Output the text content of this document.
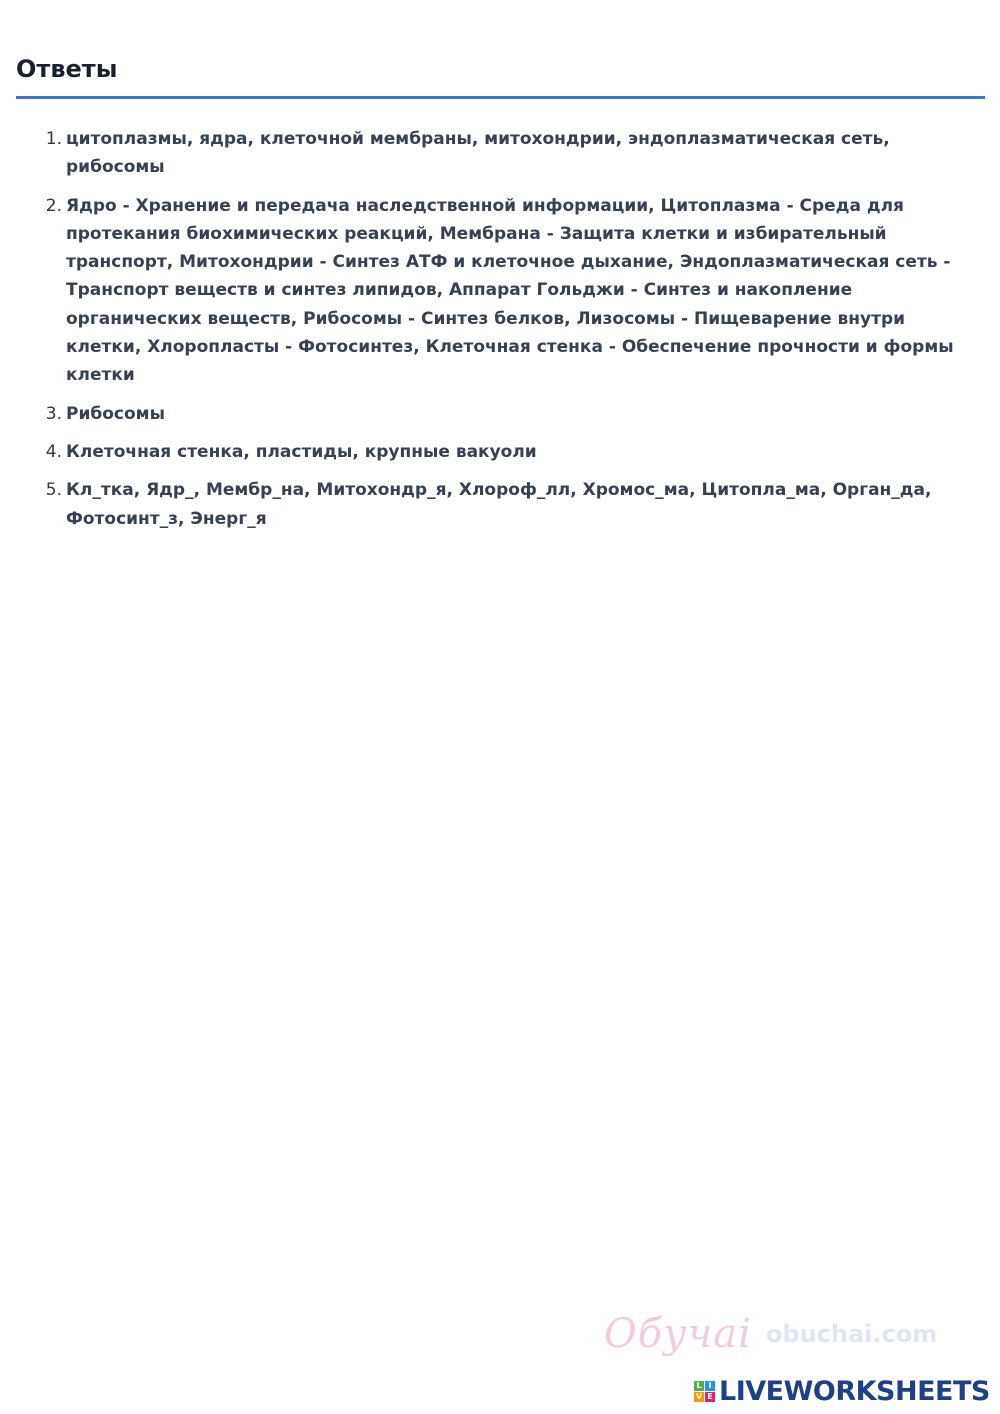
Ответы
1. цитоплазмы, ядра, клеточной мембраны, митохондрии, эндоплазматическая сеть, рибосомы
2. Ядро - Хранение и передача наследственной информации, Цитоплазма - Среда для протекания биохимических реакций, Мембрана - Защита клетки и избирательный транспорт, Митохондрии - Синтез АТФ и клеточное дыхание, Эндоплазматическая сеть - Транспорт веществ и синтез липидов, Аппарат Гольджи - Синтез и накопление органических веществ, Рибосомы - Синтез белков, Лизосомы - Пищеварение внутри клетки, Хлоропласты - Фотосинтез, Клеточная стенка - Обеспечение прочности и формы клетки
3. Рибосомы
4. Клеточная стенка, пластиды, крупные вакуоли
5. Кл_тка, Ядр_, Мембр_на, Митохондр_я, Хлороф_лл, Хромос_ма, Цитопла_ма, Орган_да, Фотосинт_з, Энерг_я
Обучаі obuchai.com
L I
V E LIVEWORKSHEETS
